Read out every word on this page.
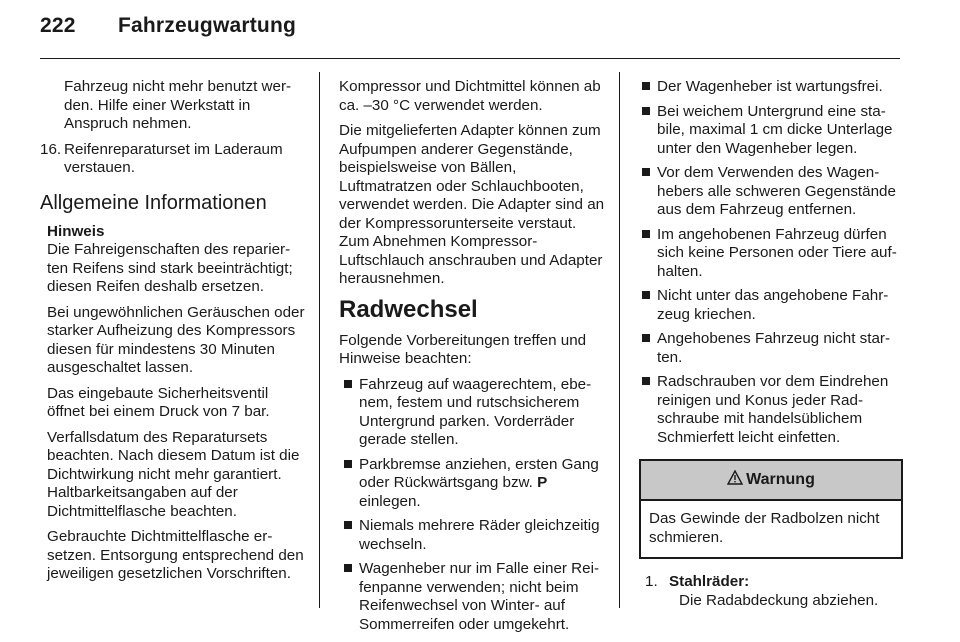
222 Fahrzeugwartung

Fahrzeug nicht mehr benutzt werden. Hilfe einer Werkstatt in Anspruch nehmen.

16. Reifenreparaturset im Laderaum verstauen.
Allgemeine Informationen
Hinweis

Die Fahreigenschaften des reparierten Reifens sind stark beeinträchtigt; diesen Reifen deshalb ersetzen.

Bei ungewöhnlichen Geräuschen oder starker Aufheizung des Kompressors diesen für mindestens 30 Minuten ausgeschaltet lassen.

Das eingebaute Sicherheitsventil öffnet bei einem Druck von 7 bar.

Verfallsdatum des Reparatursets beachten. Nach diesem Datum ist die Dichtwirkung nicht mehr garantiert. Haltbarkeitsangaben auf der Dichtmittelflasche beachten.

Gebrauchte Dichtmittelflasche ersetzen. Entsorgung entsprechend den jeweiligen gesetzlichen Vorschriften.

Kompressor und Dichtmittel können ab ca. –30 °C verwendet werden.

Die mitgelieferten Adapter können zum Aufpumpen anderer Gegenstände, beispielsweise von Bällen, Luftmatratzen oder Schlauchbooten, verwendet werden. Die Adapter sind an der Kompressorunterseite verstaut. Zum Abnehmen Kompressor-Luftschlauch anschrauben und Adapter herausnehmen.

Radwechsel

Folgende Vorbereitungen treffen und Hinweise beachten:

Fahrzeug auf waagerechtem, ebenem, festem und rutschsicherem Untergrund parken. Vorderräder gerade stellen.
Parkbremse anziehen, ersten Gang oder Rückwärtsgang bzw. P einlegen.
Niemals mehrere Räder gleichzeitig wechseln.
Wagenheber nur im Falle einer Reifenpanne verwenden; nicht beim Reifenwechsel von Winter- auf Sommerreifen oder umgekehrt.
Der Wagenheber ist wartungsfrei.
Bei weichem Untergrund eine stabile, maximal 1 cm dicke Unterlage unter den Wagenheber legen.
Vor dem Verwenden des Wagenhebers alle schweren Gegenstände aus dem Fahrzeug entfernen.
Im angehobenen Fahrzeug dürfen sich keine Personen oder Tiere aufhalten.
Nicht unter das angehobene Fahrzeug kriechen.
Angehobenes Fahrzeug nicht starten.
Radschrauben vor dem Eindrehen reinigen und Konus jeder Radschraube mit handelsüblichem Schmierfett leicht einfetten.
Warnung
Das Gewinde der Radbolzen nicht schmieren.
1. Stahlräder:
Die Radabdeckung abziehen.
